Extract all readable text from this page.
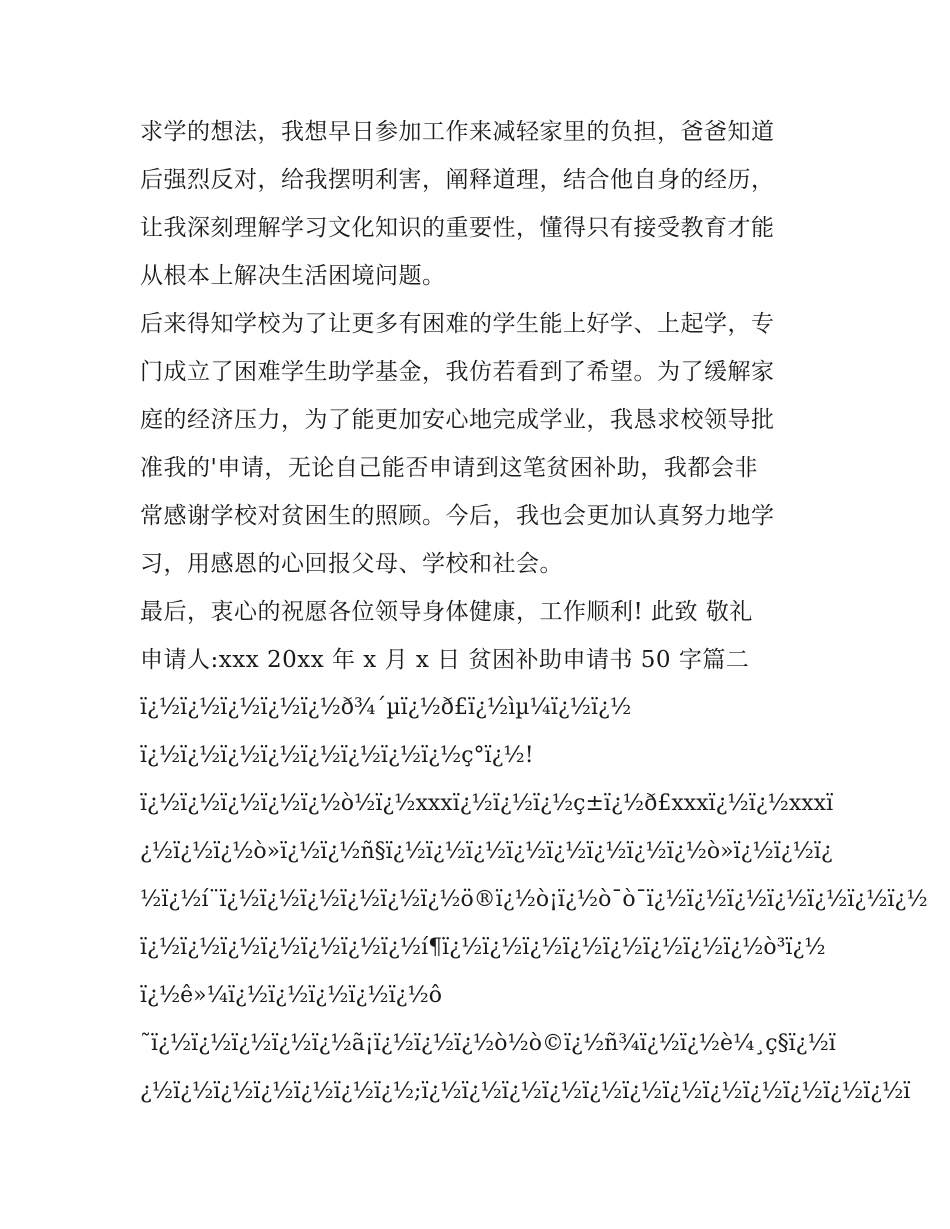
求学的想法，我想早日参加工作来减轻家里的负担，爸爸知道
后强烈反对，给我摆明利害，阐释道理，结合他自身的经历，
让我深刻理解学习文化知识的重要性，懂得只有接受教育才能
从根本上解决生活困境问题。
后来得知学校为了让更多有困难的学生能上好学、上起学，专
门成立了困难学生助学基金，我仿若看到了希望。为了缓解家
庭的经济压力，为了能更加安心地完成学业，我恳求校领导批
准我的'申请，无论自己能否申请到这笔贫困补助，我都会非
常感谢学校对贫困生的照顾。今后，我也会更加认真努力地学
习，用感恩的心回报父母、学校和社会。
最后，衷心的祝愿各位领导身体健康，工作顺利! 此致 敬礼
申请人:xxx 20xx 年 x 月 x 日 贫困补助申请书 50 字篇二
ï¿½ï¿½ï¿½ï¿½ï¿½ð¾´µï¿½ð£ï¿½ìµ¼ï¿½ï¿½
ï¿½ï¿½ï¿½ï¿½ï¿½ï¿½ï¿½ï¿½ç°ï¿½!
ï¿½ï¿½ï¿½ï¿½ï¿½ò½ï¿½xxxï¿½ï¿½ï¿½ç±ï¿½ð£xxxï¿½ï¿½xxxï
¿½ï¿½ï¿½ò»ï¿½ï¿½ñ§ï¿½ï¿½ï¿½ï¿½ï¿½ï¿½ï¿½ï¿½ò»ï¿½ï¿½ï¿
½ï¿½í¨ï¿½ï¿½ï¿½ï¿½ï¿½ï¿½ö®ï¿½ò¡ï¿½ò¯ò¯ï¿½ï¿½ï¿½ï¿½ï¿½ï¿½ï¿½
ï¿½ï¿½ï¿½ï¿½ï¿½ï¿½ï¿½í¶ï¿½ï¿½ï¿½ï¿½ï¿½ï¿½ï¿½ï¿½ò³ï¿½
ï¿½ê»¼ï¿½ï¿½ï¿½ï¿½ï¿½ô
˜ï¿½ï¿½ï¿½ï¿½ï¿½ã¡ï¿½ï¿½ï¿½ò½ò©ï¿½ñ¾ï¿½ï¿½è¼¸ç§ï¿½ï
¿½ï¿½ï¿½ï¿½ï¿½ï¿½ï¿½;ï¿½ï¿½ï¿½ï¿½ï¿½ï¿½ï¿½ï¿½ï¿½ï¿½ï¿½ï¿½ï
